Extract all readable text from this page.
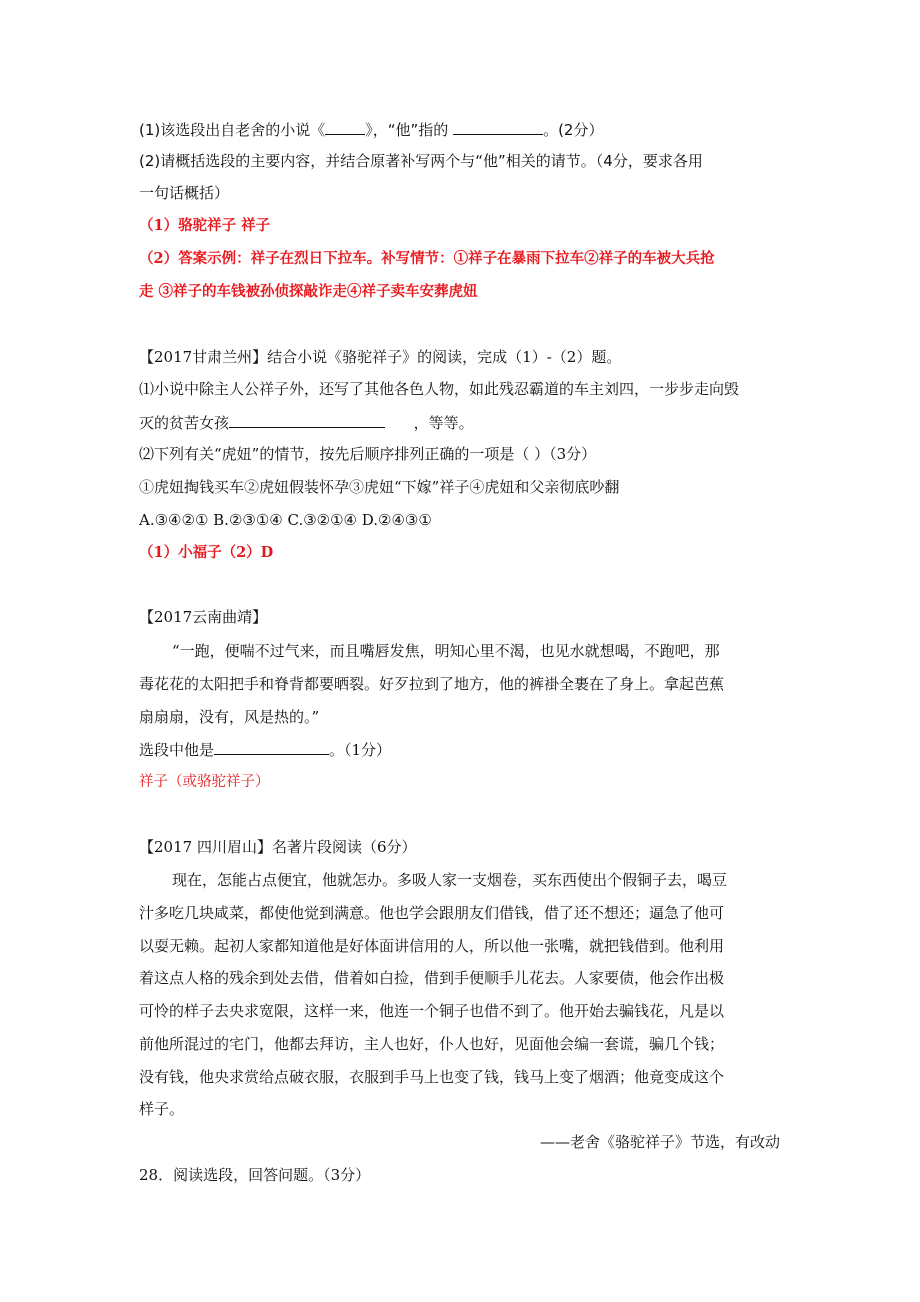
(1)该选段出自老舍的小说《	》，“他”指的	。(2分）
(2)请概括选段的主要内容，并结合原著补写两个与“他”相关的请节。（4分，要求各用
一句话概括）
（1）骆驼祥子 祥子
（2）答案示例：祥子在烈日下拉车。补写情节：①祥子在暴雨下拉车②祥子的车被大兵抢
走 ③祥子的车钱被孙侦探敲诈走④祥子卖车安葬虎妞
【2017甘肃兰州】结合小说《骆驼祥子》的阅读，完成（1）-（2）题。
⑴小说中除主人公祥子外，还写了其他各色人物，如此残忍霸道的车主刘四，一步步走向毁
灭的贫苦女孩	，等等。
⑵下列有关“虎妞”的情节，按先后顺序排列正确的一项是（ ）（3分）
①虎妞掏钱买车②虎妞假装怀孕③虎妞“下嫁”祥子④虎妞和父亲彻底吵翻
A.③④②① B.②③①④ C.③②①④ D.②④③①
（1）小福子（2）D
【2017云南曲靖】
“一跑，便喘不过气来，而且嘴唇发焦，明知心里不渴，也见水就想喝，不跑吧，那
毒花花的太阳把手和脊背都要晒裂。好歹拉到了地方，他的裤褂全裹在了身上。拿起芭蕉
扇扇扇，没有，风是热的。”
选段中他是	。（1分）
祥子（或骆驼祥子）
【2017 四川眉山】名著片段阅读（6分）
现在，怎能占点便宜，他就怎办。多吸人家一支烟卷，买东西使出个假铜子去，喝豆
汁多吃几块咸菜，都使他觉到满意。他也学会跟朋友们借钱，借了还不想还；逼急了他可
以耍无赖。起初人家都知道他是好体面讲信用的人，所以他一张嘴，就把钱借到。他利用
着这点人格的残余到处去借，借着如白捡，借到手便顺手儿花去。人家要债，他会作出极
可怜的样子去央求宽限，这样一来，他连一个铜子也借不到了。他开始去骗钱花，凡是以
前他所混过的宅门，他都去拜访，主人也好，仆人也好，见面他会编一套谎，骗几个钱；
没有钱，他央求赏给点破衣服，衣服到手马上也变了钱，钱马上变了烟酒；他竟变成这个
样子。
——老舍《骆驼祥子》节选，有改动
28．阅读选段，回答问题。（3分）
